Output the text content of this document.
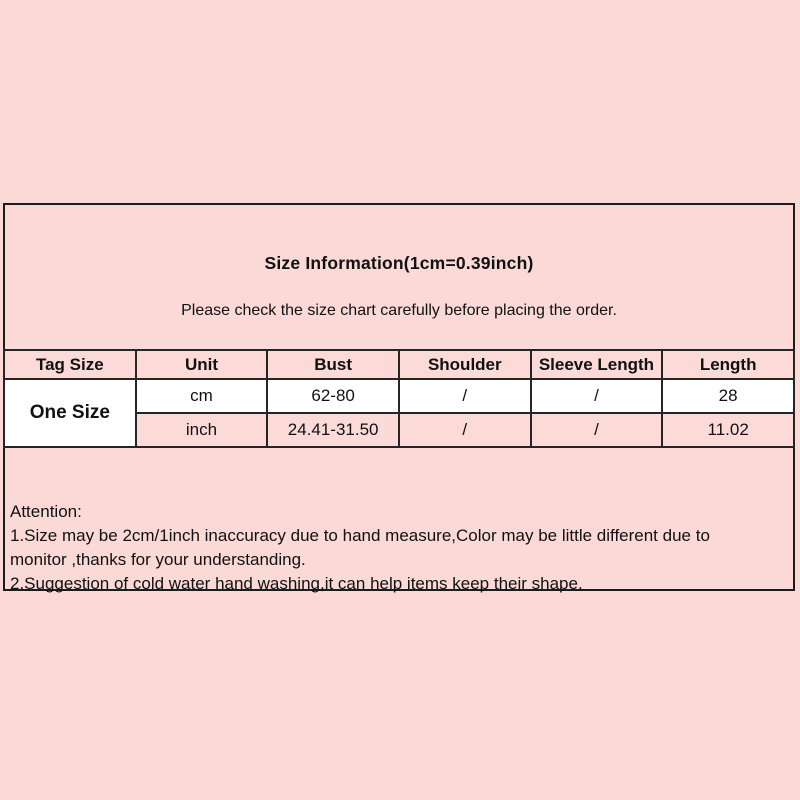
Size Information(1cm=0.39inch)
Please check the size chart carefully before placing the order.
Tag Size	Unit	Bust	Shoulder	Sleeve Length	Length
One Size	cm	62-80	/	/	28
	inch	24.41-31.50	/	/	11.02
Attention:
1.Size may be 2cm/1inch inaccuracy due to hand measure,Color may be little different due to
monitor ,thanks for your understanding.
2.Suggestion of cold water hand washing,it can help items keep their shape.
